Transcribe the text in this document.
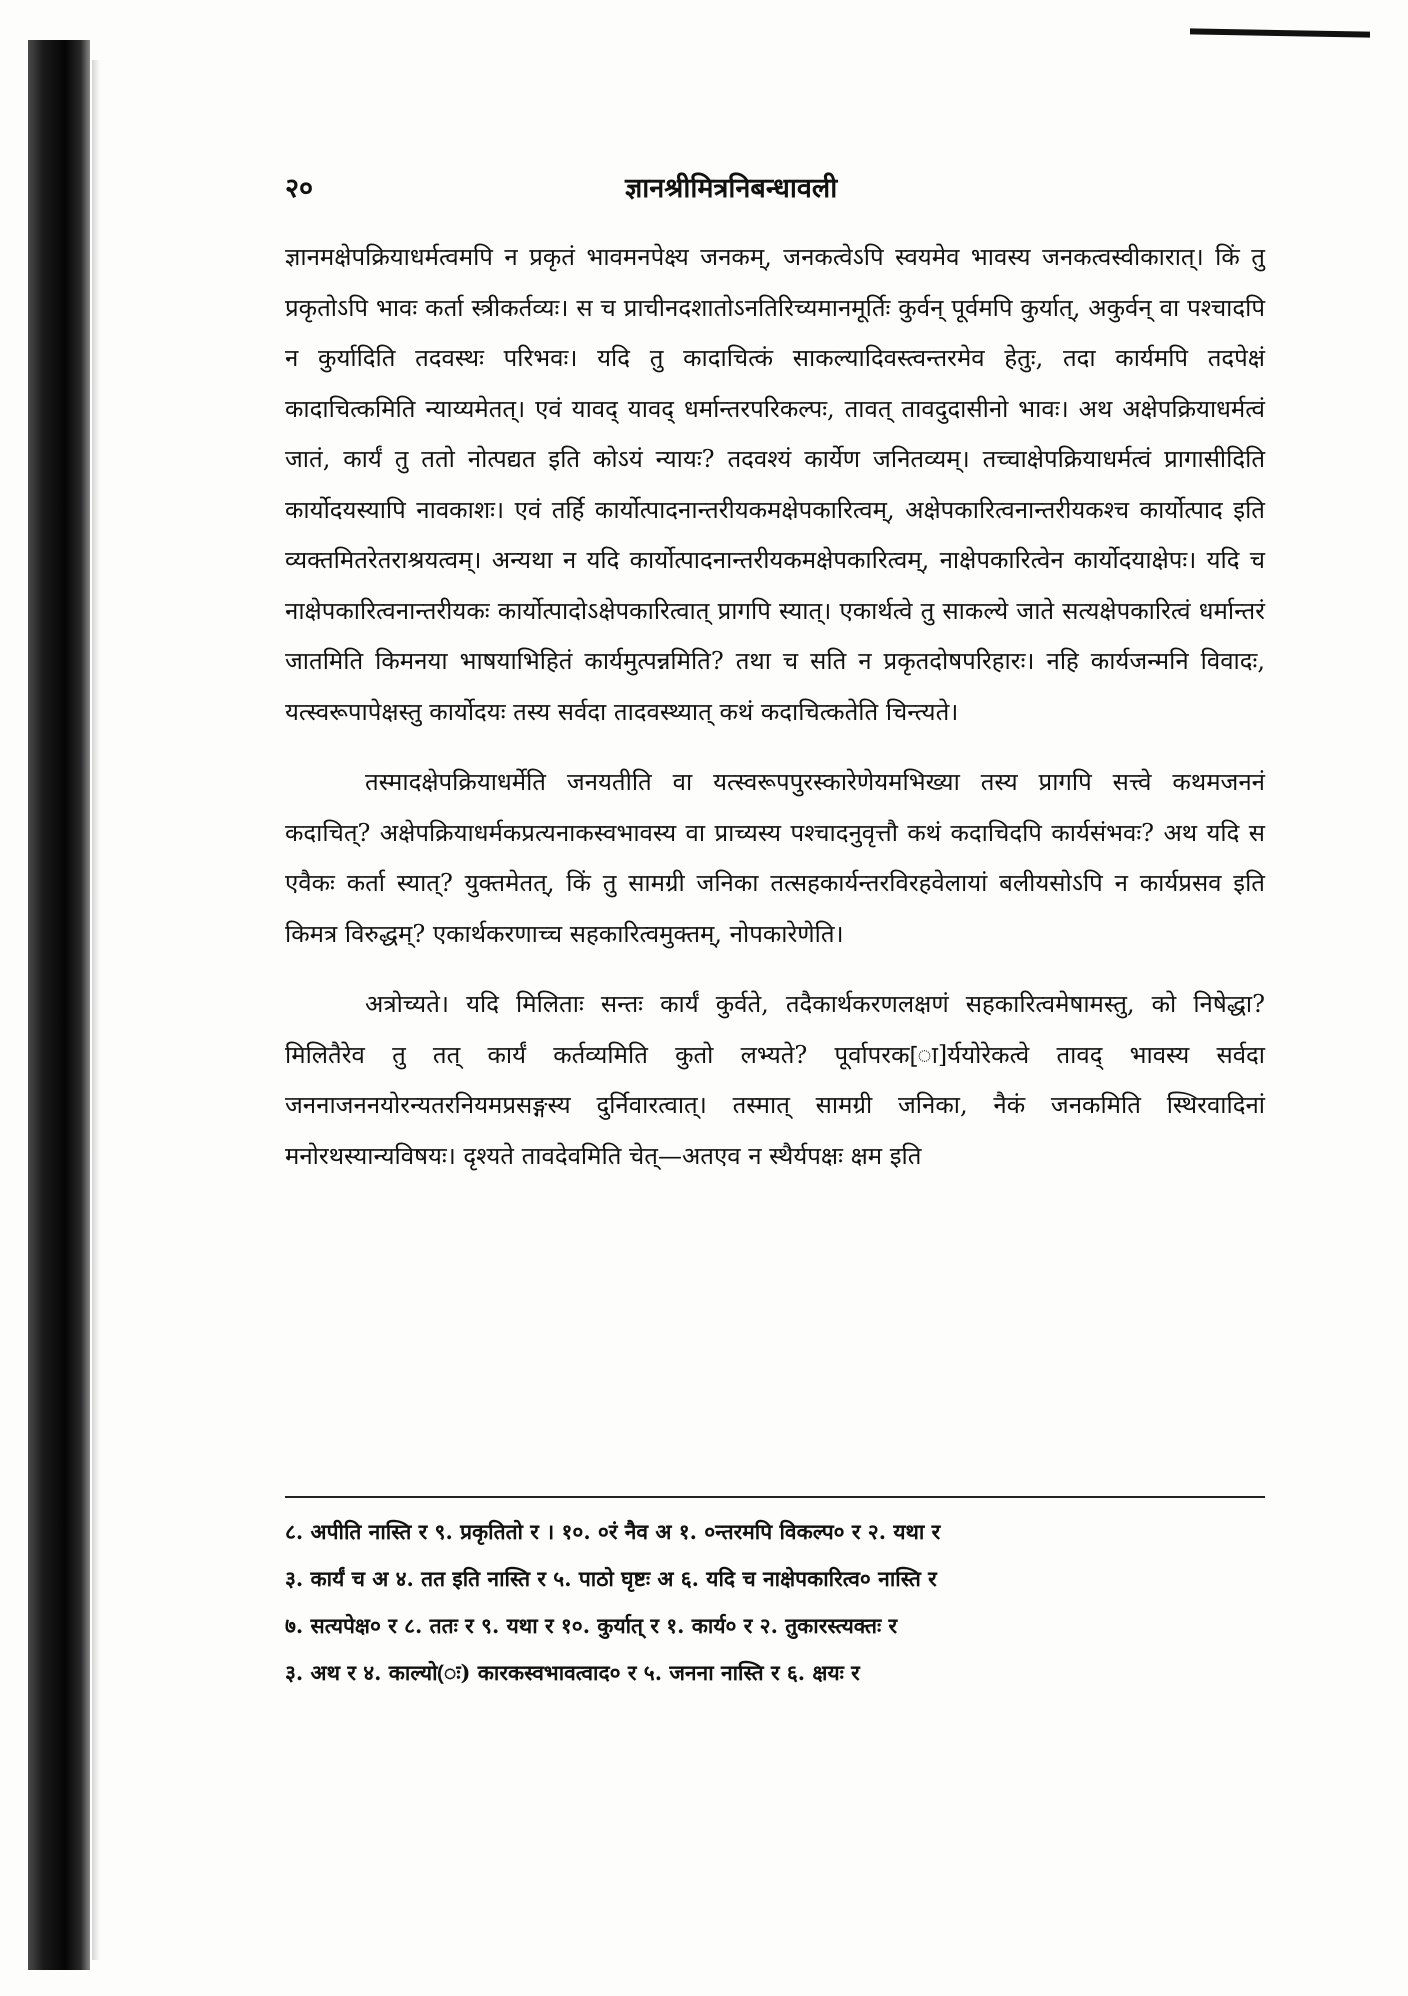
२०	ज्ञानश्रीमित्रनिबन्धावली

ज्ञानमक्षेपक्रियाधर्मत्वमपि न प्रकृतं भावमनपेक्ष्य जनकम्, जनकत्वेऽपि स्वयमेव भावस्य जनकत्वस्वीकारात्। किं तु प्रकृतोऽपि भावः कर्ता स्त्रीकर्तव्यः। स च प्राचीनदशातोऽनतिरिच्यमानमूर्तिः कुर्वन् पूर्वमपि कुर्यात्, अकुर्वन् वा पश्चादपि न कुर्यादिति तदवस्थः परिभवः। यदि तु कादाचित्कं साकल्यादिवस्त्वन्तरमेव हेतुः, तदा कार्यमपि तदपेक्षं कादाचित्कमिति न्याय्यमेतत्। एवं यावद् यावद् धर्मान्तरपरिकल्पः, तावत् तावदुदासीनो भावः। अथ अक्षेपक्रियाधर्मत्वं जातं, कार्यं तु ततो नोत्पद्यत इति कोऽयं न्यायः? तदवश्यं कार्येण जनितव्यम्। तच्चाक्षेपक्रियाधर्मत्वं प्रागासीदिति कार्योदयस्यापि नावकाशः। एवं तर्हि कार्योत्पादनान्तरीयकमक्षेपकारित्वम्, अक्षेपकारित्वनान्तरीयकश्च कार्योत्पाद इति व्यक्तमितरेतराश्रयत्वम्। अन्यथा न यदि कार्योत्पादनान्तरीयकमक्षेपकारित्वम्, नाक्षेपकारित्वेन कार्योदयाक्षेपः। यदि च नाक्षेपकारित्वनान्तरीयकः कार्योत्पादोऽक्षेपकारित्वात् प्रागपि स्यात्। एकार्थत्वे तु साकल्ये जाते सत्यक्षेपकारित्वं धर्मान्तरं जातमिति किमनया भाषयाभिहितं कार्यमुत्पन्नमिति? तथा च सति न प्रकृतदोषपरिहारः। नहि कार्यजन्मनि विवादः, यत्स्वरूपापेक्षस्तु कार्योदयः तस्य सर्वदा तादवस्थ्यात् कथं कदाचित्कतेति चिन्त्यते।

तस्मादक्षेपक्रियाधर्मेति जनयतीति वा यत्स्वरूपपुरस्कारेणेयमभिख्या तस्य प्रागपि सत्त्वे कथमजननं कदाचित्? अक्षेपक्रियाधर्मकप्रत्यनाकस्वभावस्य वा प्राच्यस्य पश्चादनुवृत्तौ कथं कदाचिदपि कार्यसंभवः? अथ यदि स एवैकः कर्ता स्यात्? युक्तमेतत्, किं तु सामग्री जनिका तत्सहकार्यन्तरविरहवेलायां बलीयसोऽपि न कार्यप्रसव इति किमत्र विरुद्धम्? एकार्थकरणाच्च सहकारित्वमुक्तम्, नोपकारेणेति।

अत्रोच्यते। यदि मिलिताः सन्तः कार्यं कुर्वते, तदैकार्थकरणलक्षणं सहकारित्वमेषामस्तु, को निषेद्धा? मिलितैरेव तु तत् कार्यं कर्तव्यमिति कुतो लभ्यते? पूर्वापरक[ा]र्ययोरेकत्वे तावद् भावस्य सर्वदा जननाजननयोरन्यतरनियमप्रसङ्गस्य दुर्निवारत्वात्। तस्मात् सामग्री जनिका, नैकं जनकमिति स्थिरवादिनां मनोरथस्यान्यविषयः। दृश्यते तावदेवमिति चेत्—अतएव न स्थैर्यपक्षः क्षम इति

८. अपीति नास्ति र ९. प्रकृतितो र । १०. ०रं नैव अ १. ०न्तरमपि विकल्प० र २. यथा र
३. कार्यं च अ ४. तत इति नास्ति र ५. पाठो घृष्टः अ ६. यदि च नाक्षेपकारित्व० नास्ति र
७. सत्यपेक्ष० र ८. ततः र ९. यथा र १०. कुर्यात् र १. कार्य० र २. तुकारस्त्यक्तः र
३. अथ र ४. काल्यो(ः) कारकस्वभावत्वाद० र ५. जनना नास्ति र ६. क्षयः र
